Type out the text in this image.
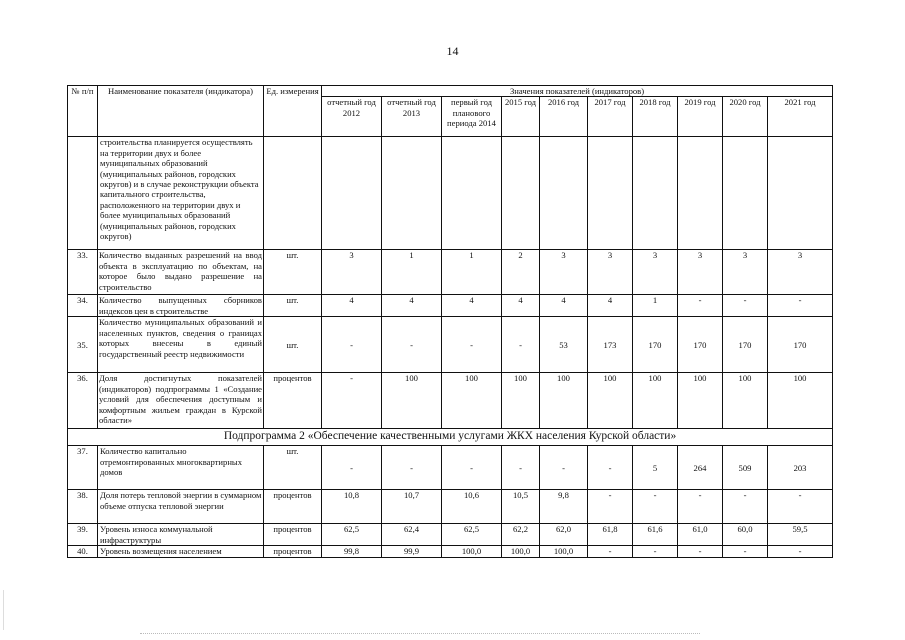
14
№ п/п	Наименование показателя (индикатора)	Ед. измерения	Значения показателей (индикаторов)									
			отчетный год 2012	отчетный год 2013	первый год планового периода 2014	2015 год	2016 год	2017 год	2018 год	2019 год	2020 год	2021 год
	строительства планируется осуществлять на территории двух и более муниципальных образований (муниципальных районов, городских округов) и в случае реконструкции объекта капитального строительства, расположенного на территории двух и более муниципальных образований (муниципальных районов, городских округов)											
33.	Количество выданных разрешений на ввод объекта в эксплуатацию по объектам, на которое было выдано разрешение на строительство	шт.	3	1	1	2	3	3	3	3	3	3
34.	Количество выпущенных сборников индексов цен в строительстве	шт.	4	4	4	4	4	4	1	-	-	-
35.	Количество муниципальных образований и населенных пунктов, сведения о границах которых внесены в единый государственный реестр недвижимости	шт.	-	-	-	-	53	173	170	170	170	170
36.	Доля достигнутых показателей (индикаторов) подпрограммы 1 «Создание условий для обеспечения доступным и комфортным жильем граждан в Курской области»	процентов	-	100	100	100	100	100	100	100	100	100
Подпрограмма 2 «Обеспечение качественными услугами ЖКХ населения Курской области»												
37.	Количество капитально отремонтированных многоквартирных домов	шт.	-	-	-	-	-	-	5	264	509	203
38.	Доля потерь тепловой энергии в суммарном объеме отпуска тепловой энергии	процентов	10,8	10,7	10,6	10,5	9,8	-	-	-	-	-
39.	Уровень износа коммунальной инфраструктуры	процентов	62,5	62,4	62,5	62,2	62,0	61,8	61,6	61,0	60,0	59,5
40.	Уровень возмещения населением	процентов	99,8	99,9	100,0	100,0	100,0	-	-	-	-	-
